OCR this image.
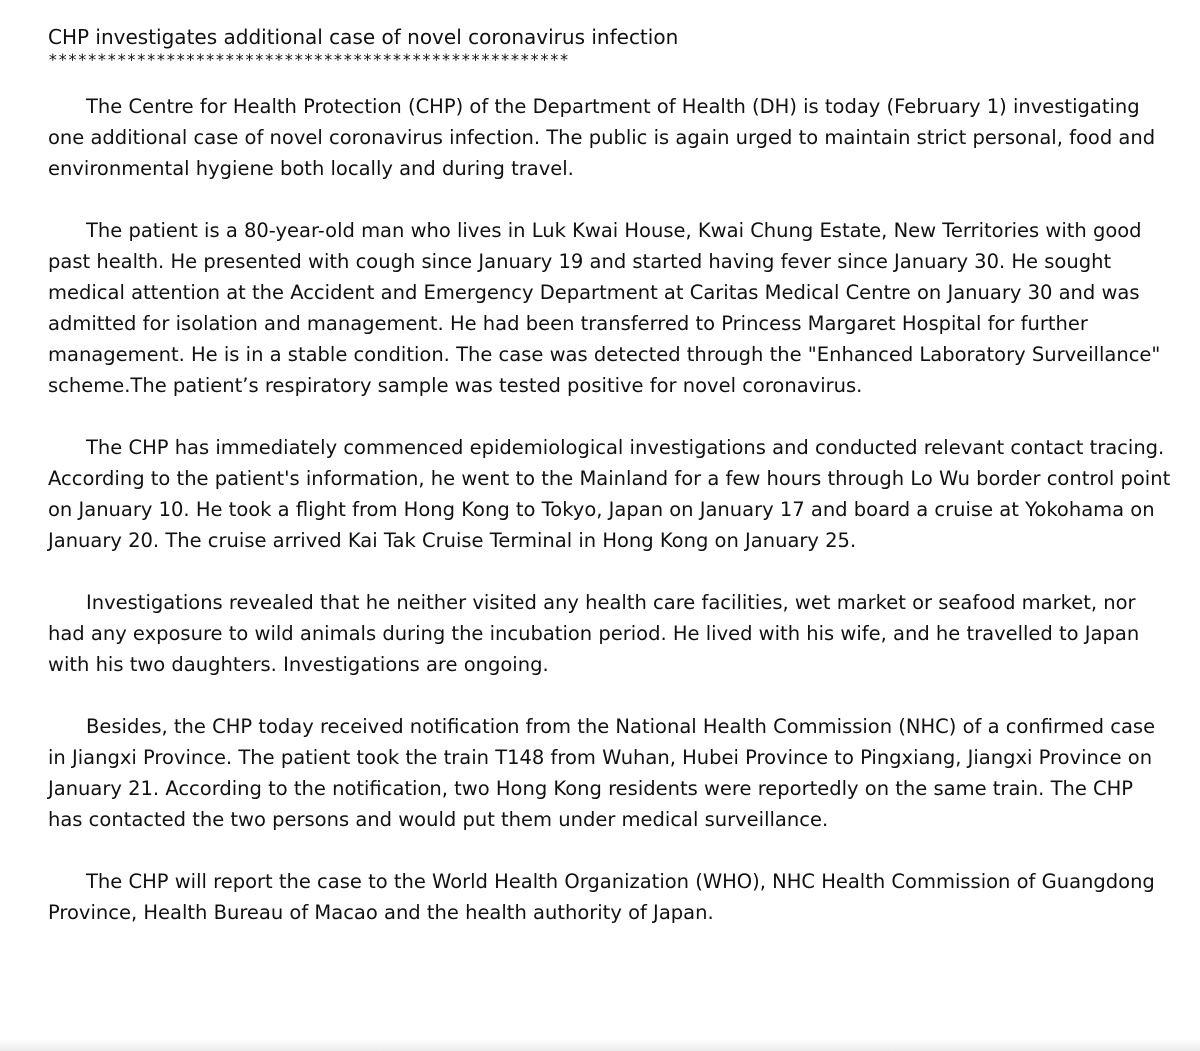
CHP investigates additional case of novel coronavirus infection
*****************************************************

The Centre for Health Protection (CHP) of the Department of Health (DH) is today (February 1) investigating one additional case of novel coronavirus infection. The public is again urged to maintain strict personal, food and environmental hygiene both locally and during travel.

The patient is a 80-year-old man who lives in Luk Kwai House, Kwai Chung Estate, New Territories with good past health. He presented with cough since January 19 and started having fever since January 30. He sought medical attention at the Accident and Emergency Department at Caritas Medical Centre on January 30 and was admitted for isolation and management. He had been transferred to Princess Margaret Hospital for further management. He is in a stable condition. The case was detected through the "Enhanced Laboratory Surveillance" scheme.The patient’s respiratory sample was tested positive for novel coronavirus.

The CHP has immediately commenced epidemiological investigations and conducted relevant contact tracing. According to the patient's information, he went to the Mainland for a few hours through Lo Wu border control point on January 10. He took a flight from Hong Kong to Tokyo, Japan on January 17 and board a cruise at Yokohama on January 20. The cruise arrived Kai Tak Cruise Terminal in Hong Kong on January 25.

Investigations revealed that he neither visited any health care facilities, wet market or seafood market, nor had any exposure to wild animals during the incubation period. He lived with his wife, and he travelled to Japan with his two daughters. Investigations are ongoing.

Besides, the CHP today received notification from the National Health Commission (NHC) of a confirmed case in Jiangxi Province. The patient took the train T148 from Wuhan, Hubei Province to Pingxiang, Jiangxi Province on January 21. According to the notification, two Hong Kong residents were reportedly on the same train. The CHP has contacted the two persons and would put them under medical surveillance.

The CHP will report the case to the World Health Organization (WHO), NHC Health Commission of Guangdong Province, Health Bureau of Macao and the health authority of Japan.
